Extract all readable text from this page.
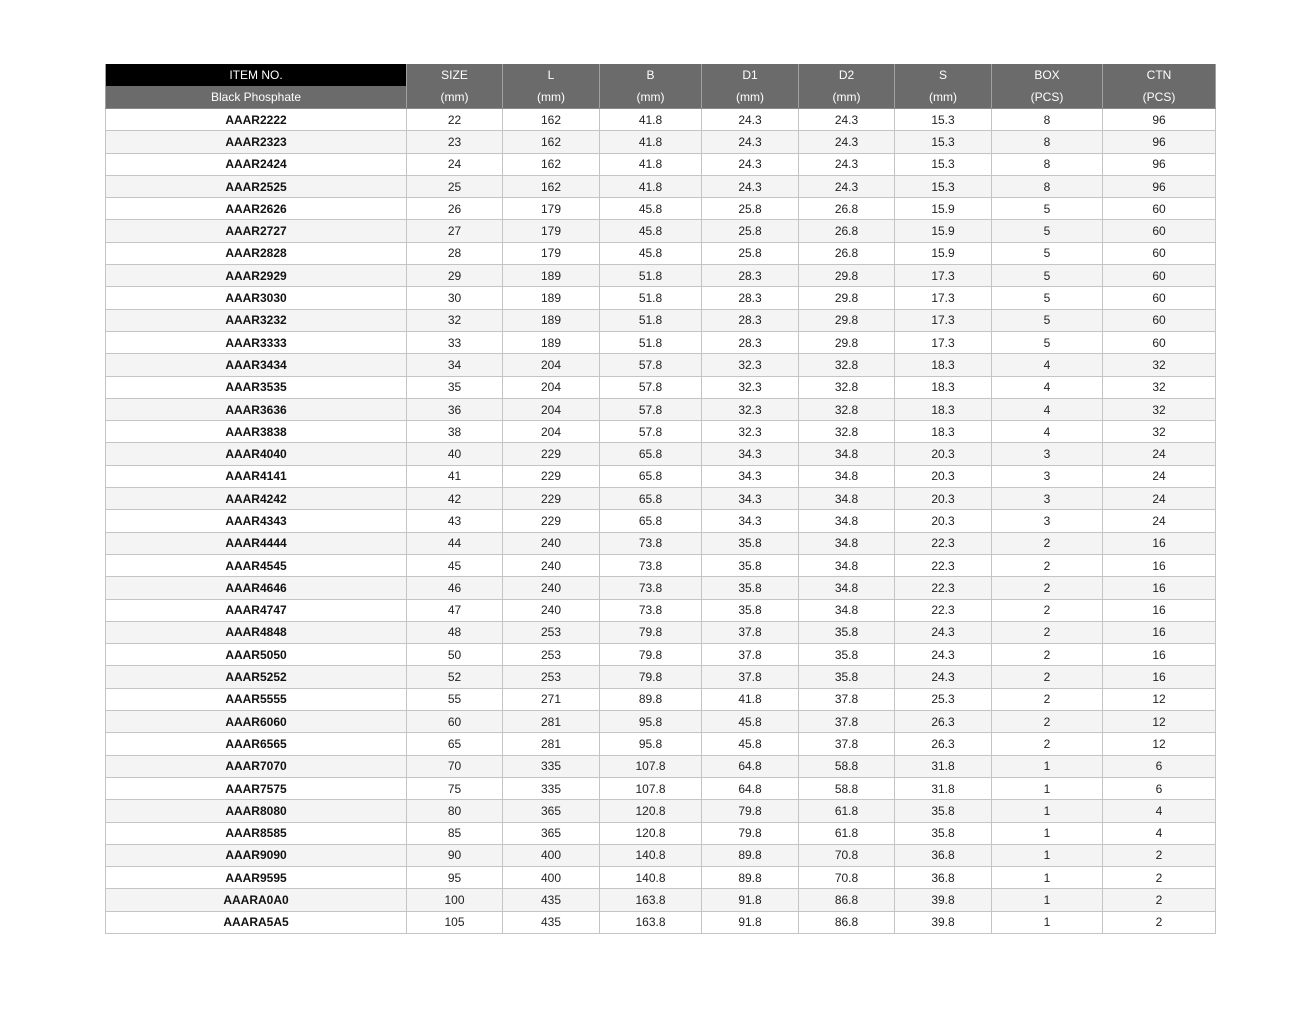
ITEM NO.	SIZE	L	B	D1	D2	S	BOX	CTN
Black Phosphate	(mm)	(mm)	(mm)	(mm)	(mm)	(mm)	(PCS)	(PCS)
AAAR2222	22	162	41.8	24.3	24.3	15.3	8	96
AAAR2323	23	162	41.8	24.3	24.3	15.3	8	96
AAAR2424	24	162	41.8	24.3	24.3	15.3	8	96
AAAR2525	25	162	41.8	24.3	24.3	15.3	8	96
AAAR2626	26	179	45.8	25.8	26.8	15.9	5	60
AAAR2727	27	179	45.8	25.8	26.8	15.9	5	60
AAAR2828	28	179	45.8	25.8	26.8	15.9	5	60
AAAR2929	29	189	51.8	28.3	29.8	17.3	5	60
AAAR3030	30	189	51.8	28.3	29.8	17.3	5	60
AAAR3232	32	189	51.8	28.3	29.8	17.3	5	60
AAAR3333	33	189	51.8	28.3	29.8	17.3	5	60
AAAR3434	34	204	57.8	32.3	32.8	18.3	4	32
AAAR3535	35	204	57.8	32.3	32.8	18.3	4	32
AAAR3636	36	204	57.8	32.3	32.8	18.3	4	32
AAAR3838	38	204	57.8	32.3	32.8	18.3	4	32
AAAR4040	40	229	65.8	34.3	34.8	20.3	3	24
AAAR4141	41	229	65.8	34.3	34.8	20.3	3	24
AAAR4242	42	229	65.8	34.3	34.8	20.3	3	24
AAAR4343	43	229	65.8	34.3	34.8	20.3	3	24
AAAR4444	44	240	73.8	35.8	34.8	22.3	2	16
AAAR4545	45	240	73.8	35.8	34.8	22.3	2	16
AAAR4646	46	240	73.8	35.8	34.8	22.3	2	16
AAAR4747	47	240	73.8	35.8	34.8	22.3	2	16
AAAR4848	48	253	79.8	37.8	35.8	24.3	2	16
AAAR5050	50	253	79.8	37.8	35.8	24.3	2	16
AAAR5252	52	253	79.8	37.8	35.8	24.3	2	16
AAAR5555	55	271	89.8	41.8	37.8	25.3	2	12
AAAR6060	60	281	95.8	45.8	37.8	26.3	2	12
AAAR6565	65	281	95.8	45.8	37.8	26.3	2	12
AAAR7070	70	335	107.8	64.8	58.8	31.8	1	6
AAAR7575	75	335	107.8	64.8	58.8	31.8	1	6
AAAR8080	80	365	120.8	79.8	61.8	35.8	1	4
AAAR8585	85	365	120.8	79.8	61.8	35.8	1	4
AAAR9090	90	400	140.8	89.8	70.8	36.8	1	2
AAAR9595	95	400	140.8	89.8	70.8	36.8	1	2
AAARA0A0	100	435	163.8	91.8	86.8	39.8	1	2
AAARA5A5	105	435	163.8	91.8	86.8	39.8	1	2
